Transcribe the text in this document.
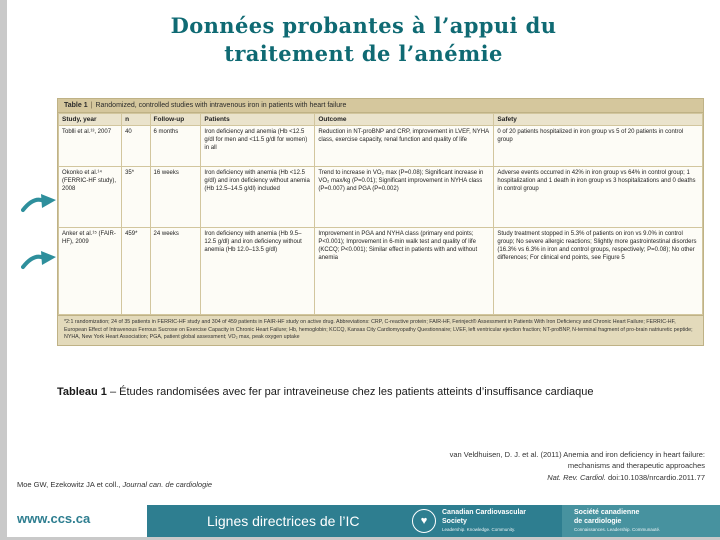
Données probantes à l’appui du
traitement de l’anémie
Table 1 | Randomized, controlled studies with intravenous iron in patients with heart failure
Study, year	n	Follow-up	Patients	Outcome	Safety
Toblli et al.¹³, 2007	40	6 months	Iron deficiency and anemia (Hb <12.5 g/dl for men and <11.5 g/dl for women) in all	Reduction in NT-proBNP and CRP, improvement in LVEF, NYHA class, exercise capacity, renal function and quality of life	0 of 20 patients hospitalized in iron group vs 5 of 20 patients in control group
Okonko et al.¹⁴ (FERRIC-HF study), 2008	35*	16 weeks	Iron deficiency with anemia (Hb <12.5 g/dl) and iron deficiency without anemia (Hb 12.5–14.5 g/dl) included	Trend to increase in VO₂ max (P=0.08); Significant increase in VO₂ max/kg (P=0.01); Significant improvement in NYHA class (P=0.007) and PGA (P=0.002)	Adverse events occurred in 42% in iron group vs 64% in control group; 1 hospitalization and 1 death in iron group vs 3 hospitalizations and 0 deaths in control group
Anker et al.¹⁵ (FAIR-HF), 2009	459*	24 weeks	Iron deficiency with anemia (Hb 9.5–12.5 g/dl) and iron deficiency without anemia (Hb 12.0–13.5 g/dl)	Improvement in PGA and NYHA class (primary end points; P<0.001); Improvement in 6-min walk test and quality of life (KCCQ; P<0.001); Similar effect in patients with and without anemia	Study treatment stopped in 5.3% of patients on iron vs 9.0% in control group; No severe allergic reactions; Slightly more gastrointestinal disorders (16.3% vs 6.3% in iron and control groups, respectively; P=0.08); No other differences; For clinical end points, see Figure 5
*2:1 randomization; 24 of 35 patients in FERRIC-HF study and 304 of 459 patients in FAIR-HF study on active drug. Abbreviations: CRP, C-reactive protein; FAIR-HF, Ferinject® Assessment in Patients With Iron Deficiency and Chronic Heart Failure; FERRIC-HF, European Effect of Intravenous Ferrous Sucrose on Exercise Capacity in Chronic Heart Failure; Hb, hemoglobin; KCCQ, Kansas City Cardiomyopathy Questionnaire; LVEF, left ventricular ejection fraction; NT-proBNP, N-terminal fragment of pro-brain natriuretic peptide; NYHA, New York Heart Association; PGA, patient global assessment; VO₂ max, peak oxygen uptake

Tableau 1 – Études randomisées avec fer par intraveineuse chez les patients atteints d’insuffisance cardiaque

van Veldhuisen, D. J. et al. (2011) Anemia and iron deficiency in heart failure:
mechanisms and therapeutic approaches
Nat. Rev. Cardiol. doi:10.1038/nrcardio.2011.77
Moe GW, Ezekowitz JA et coll., Journal can. de cardiologie
www.ccs.ca	Lignes directrices de l’IC	♥
Canadian Cardiovascular
Society
Leadership. Knowledge. Community.
Société canadienne
de cardiologie
Connaissances. Leadership. Communauté.
